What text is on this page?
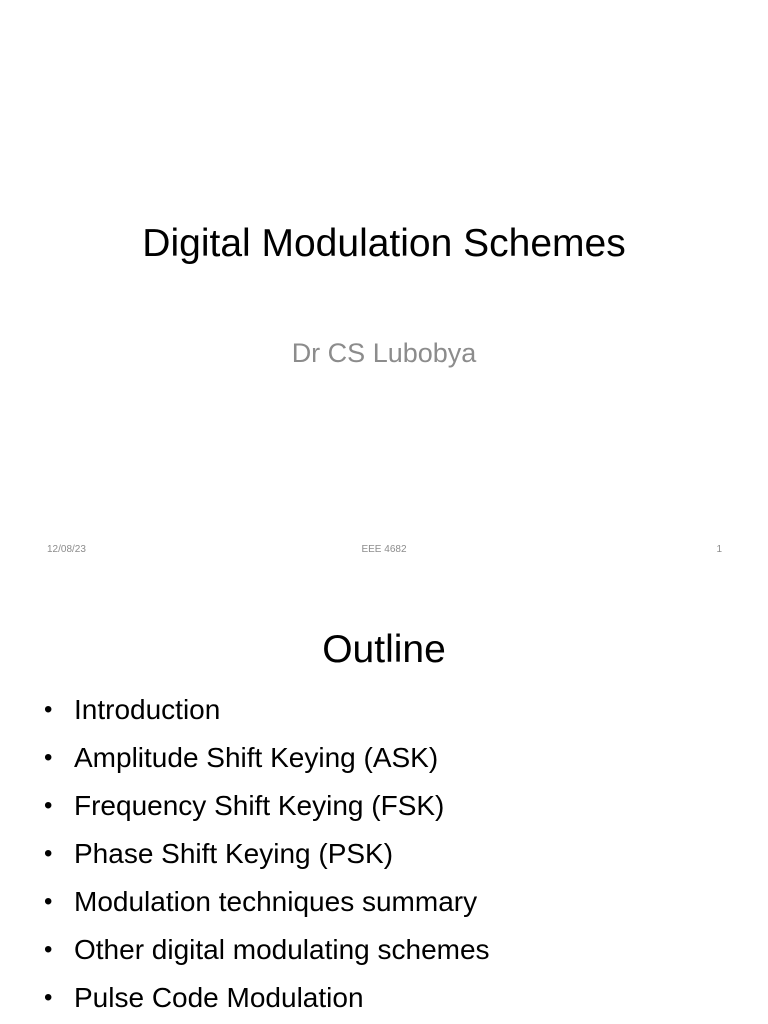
Digital Modulation Schemes
Dr CS Lubobya
12/08/23	EEE 4682	1
Outline
• Introduction
• Amplitude Shift Keying (ASK)
• Frequency Shift Keying (FSK)
• Phase Shift Keying (PSK)
• Modulation techniques summary
• Other digital modulating schemes
• Pulse Code Modulation
